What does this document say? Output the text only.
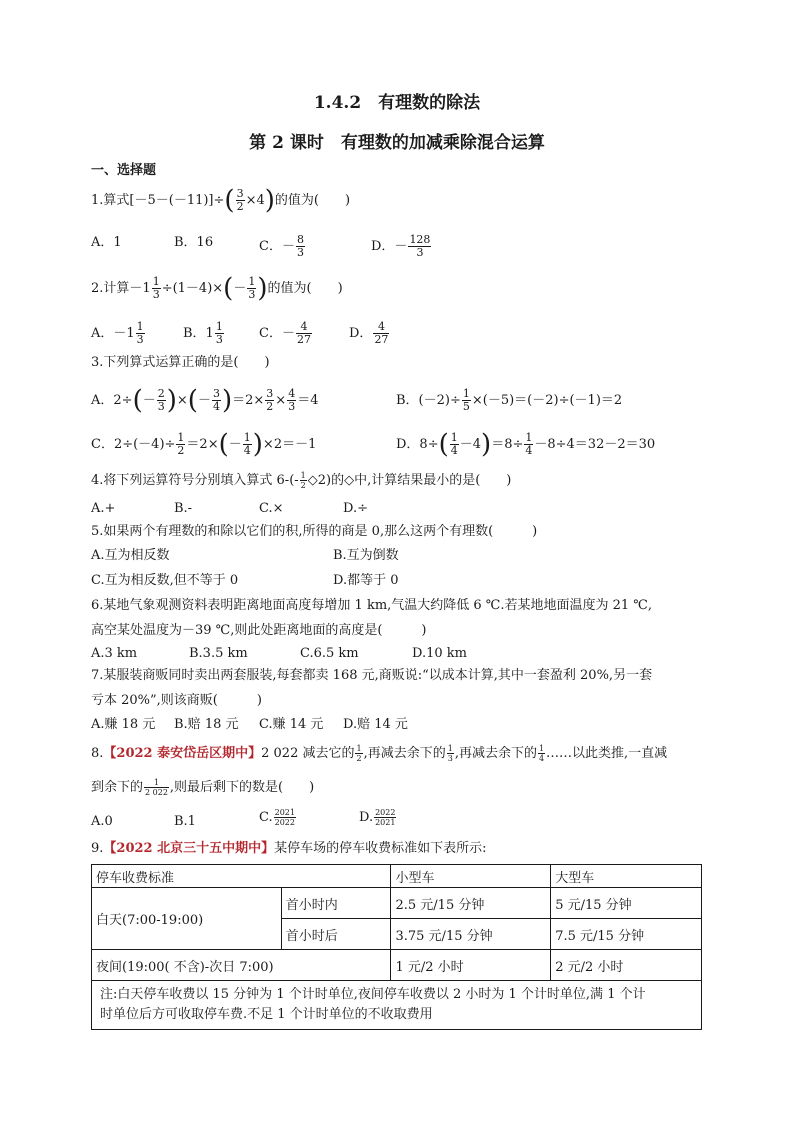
1.4.2　有理数的除法
第 2 课时　有理数的加减乘除混合运算
一、选择题
1.算式$[-5-(-11)]\div( \frac{3}{2} \times 4)$的值为(　　)
A．1	B．16	C．－ $\frac{8}{3}$	D．－ $\frac{128}{3}$
2.计算$-1 \frac{1}{3} \div(1-4)\times(- \frac{1}{3}$ )的值为(　　)
A．$-1 \frac{1}{3}$	B．$1 \frac{1}{3}$	C．－ $\frac{4}{27}$	D． $\frac{4}{27}$
3.下列算式运算正确的是(　　)
A．$2\div(- \frac{2}{3}$ )×(－ $\frac{3}{4} )=2\times \frac{3}{2} \times \frac{4}{3} =4$	B．$(-2)\div \frac{1}{5} \times(-5)=(-2)\div(-1)=2$
C．$2\div(-4)\div \frac{1}{2} =2\times(- \frac{1}{4} )\times 2=-1$	D．$8\div( \frac{1}{4} -4)=8\div \frac{1}{4} -8\div 4=32-2=30$
4.将下列运算符号分别填入算式 $6-(- \frac{1}{2}$ ◇2)的◇中,计算结果最小的是(　　)
A.+	B.-	C.×	D.÷
5.如果两个有理数的和除以它们的积,所得的商是 0,那么这两个有理数(　　　)
A.互为相反数	B.互为倒数
C.互为相反数,但不等于 0	D.都等于 0
6.某地气象观测资料表明距离地面高度每增加 1 km,气温大约降低 6 ℃.若某地地面温度为 21 ℃,
高空某处温度为－39 ℃,则此处距离地面的高度是(　　　)
A.3 km	B.3.5 km	C.6.5 km	D.10 km
7.某服装商贩同时卖出两套服装,每套都卖 168 元,商贩说:“以成本计算,其中一套盈利 20%,另一套
亏本 20%”,则该商贩(　　　)
A.赚 18 元 B.赔 18 元 C.赚 14 元 D.赔 14 元
8.【2022 泰安岱岳区期中】2 022 减去它的 $\frac{1}{2}$ ,再减去余下的 $\frac{1}{3}$ ,再减去余下的 $\frac{1}{4}$ ……以此类推,一直减
到余下的 $\frac{1}{2 022}$ ,则最后剩下的数是(　　)
A.0	B.1	C. $\frac{2021}{2022}$	D. $\frac{2022}{2021}$
9.【2022 北京三十五中期中】某停车场的停车收费标准如下表所示:
停车收费标准		小型车	大型车
白天(7:00-19:00)	首小时内	2.5 元/15 分钟	5 元/15 分钟
	首小时后	3.75 元/15 分钟	7.5 元/15 分钟
夜间(19:00( 不含)-次日 7:00)		1 元/2 小时	2 元/2 小时

注:白天停车收费以 15 分钟为 1 个计时单位,夜间停车收费以 2 小时为 1 个计时单位,满 1 个计
时单位后方可收取停车费.不足 1 个计时单位的不收取费用			
